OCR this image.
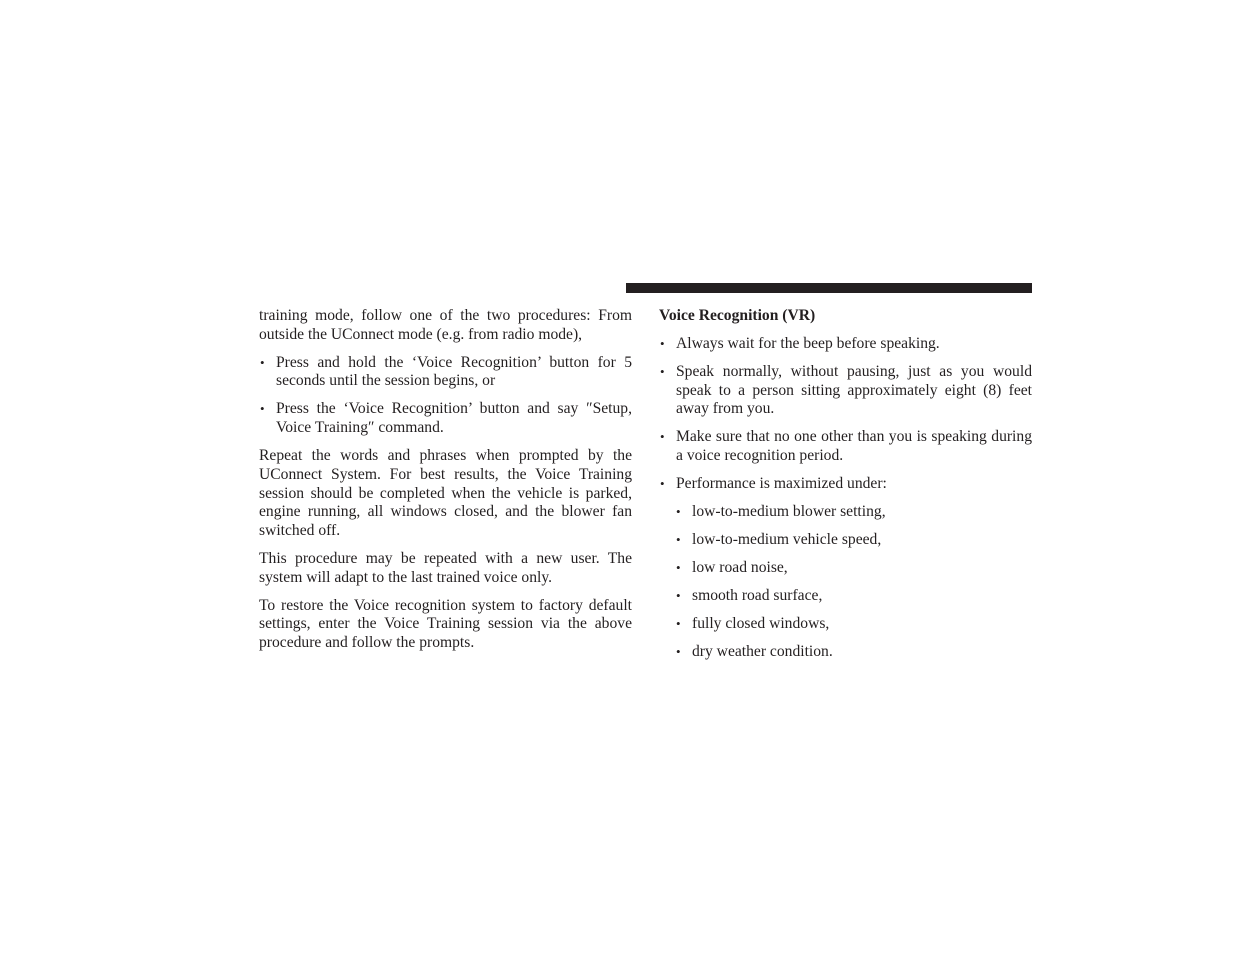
training mode, follow one of the two procedures: From outside the UConnect mode (e.g. from radio mode),

• Press and hold the ‘Voice Recognition’ button for 5 seconds until the session begins, or
• Press the ‘Voice Recognition’ button and say ″Setup, Voice Training″ command.

Repeat the words and phrases when prompted by the UConnect System. For best results, the Voice Training session should be completed when the vehicle is parked, engine running, all windows closed, and the blower fan switched off.

This procedure may be repeated with a new user. The system will adapt to the last trained voice only.

To restore the Voice recognition system to factory default settings, enter the Voice Training session via the above procedure and follow the prompts.

Voice Recognition (VR)
• Always wait for the beep before speaking.
• Speak normally, without pausing, just as you would speak to a person sitting approximately eight (8) feet away from you.
• Make sure that no one other than you is speaking during a voice recognition period.
• Performance is maximized under:
• low-to-medium blower setting,
• low-to-medium vehicle speed,
• low road noise,
• smooth road surface,
• fully closed windows,
• dry weather condition.
